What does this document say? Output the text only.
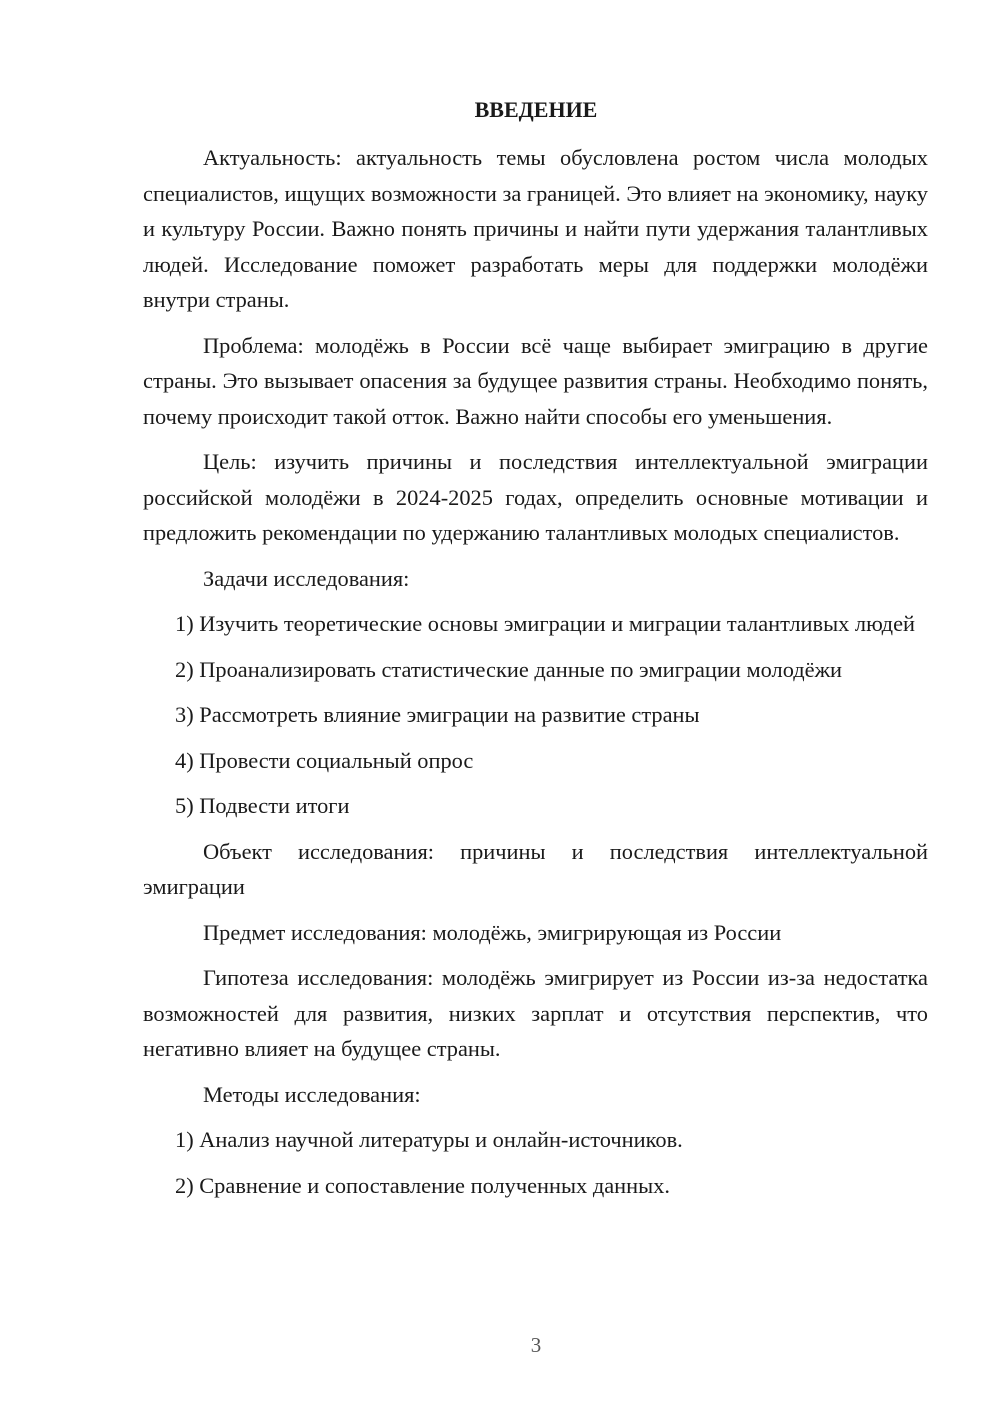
ВВЕДЕНИЕ

Актуальность: актуальность темы обусловлена ростом числа молодых специалистов, ищущих возможности за границей. Это влияет на экономику, науку и культуру России. Важно понять причины и найти пути удержания талантливых людей. Исследование поможет разработать меры для поддержки молодёжи внутри страны.

Проблема: молодёжь в России всё чаще выбирает эмиграцию в другие страны. Это вызывает опасения за будущее развития страны. Необходимо понять, почему происходит такой отток. Важно найти способы его уменьшения.

Цель: изучить причины и последствия интеллектуальной эмиграции российской молодёжи в 2024-2025 годах, определить основные мотивации и предложить рекомендации по удержанию талантливых молодых специалистов.

Задачи исследования:

1) Изучить теоретические основы эмиграции и миграции талантливых людей

2) Проанализировать статистические данные по эмиграции молодёжи

3) Рассмотреть влияние эмиграции на развитие страны

4) Провести социальный опрос

5) Подвести итоги

Объект исследования: причины и последствия интеллектуальной эмиграции

Предмет исследования: молодёжь, эмигрирующая из России

Гипотеза исследования: молодёжь эмигрирует из России из-за недостатка возможностей для развития, низких зарплат и отсутствия перспектив, что негативно влияет на будущее страны.

Методы исследования:

1) Анализ научной литературы и онлайн-источников.

2) Сравнение и сопоставление полученных данных.

3
